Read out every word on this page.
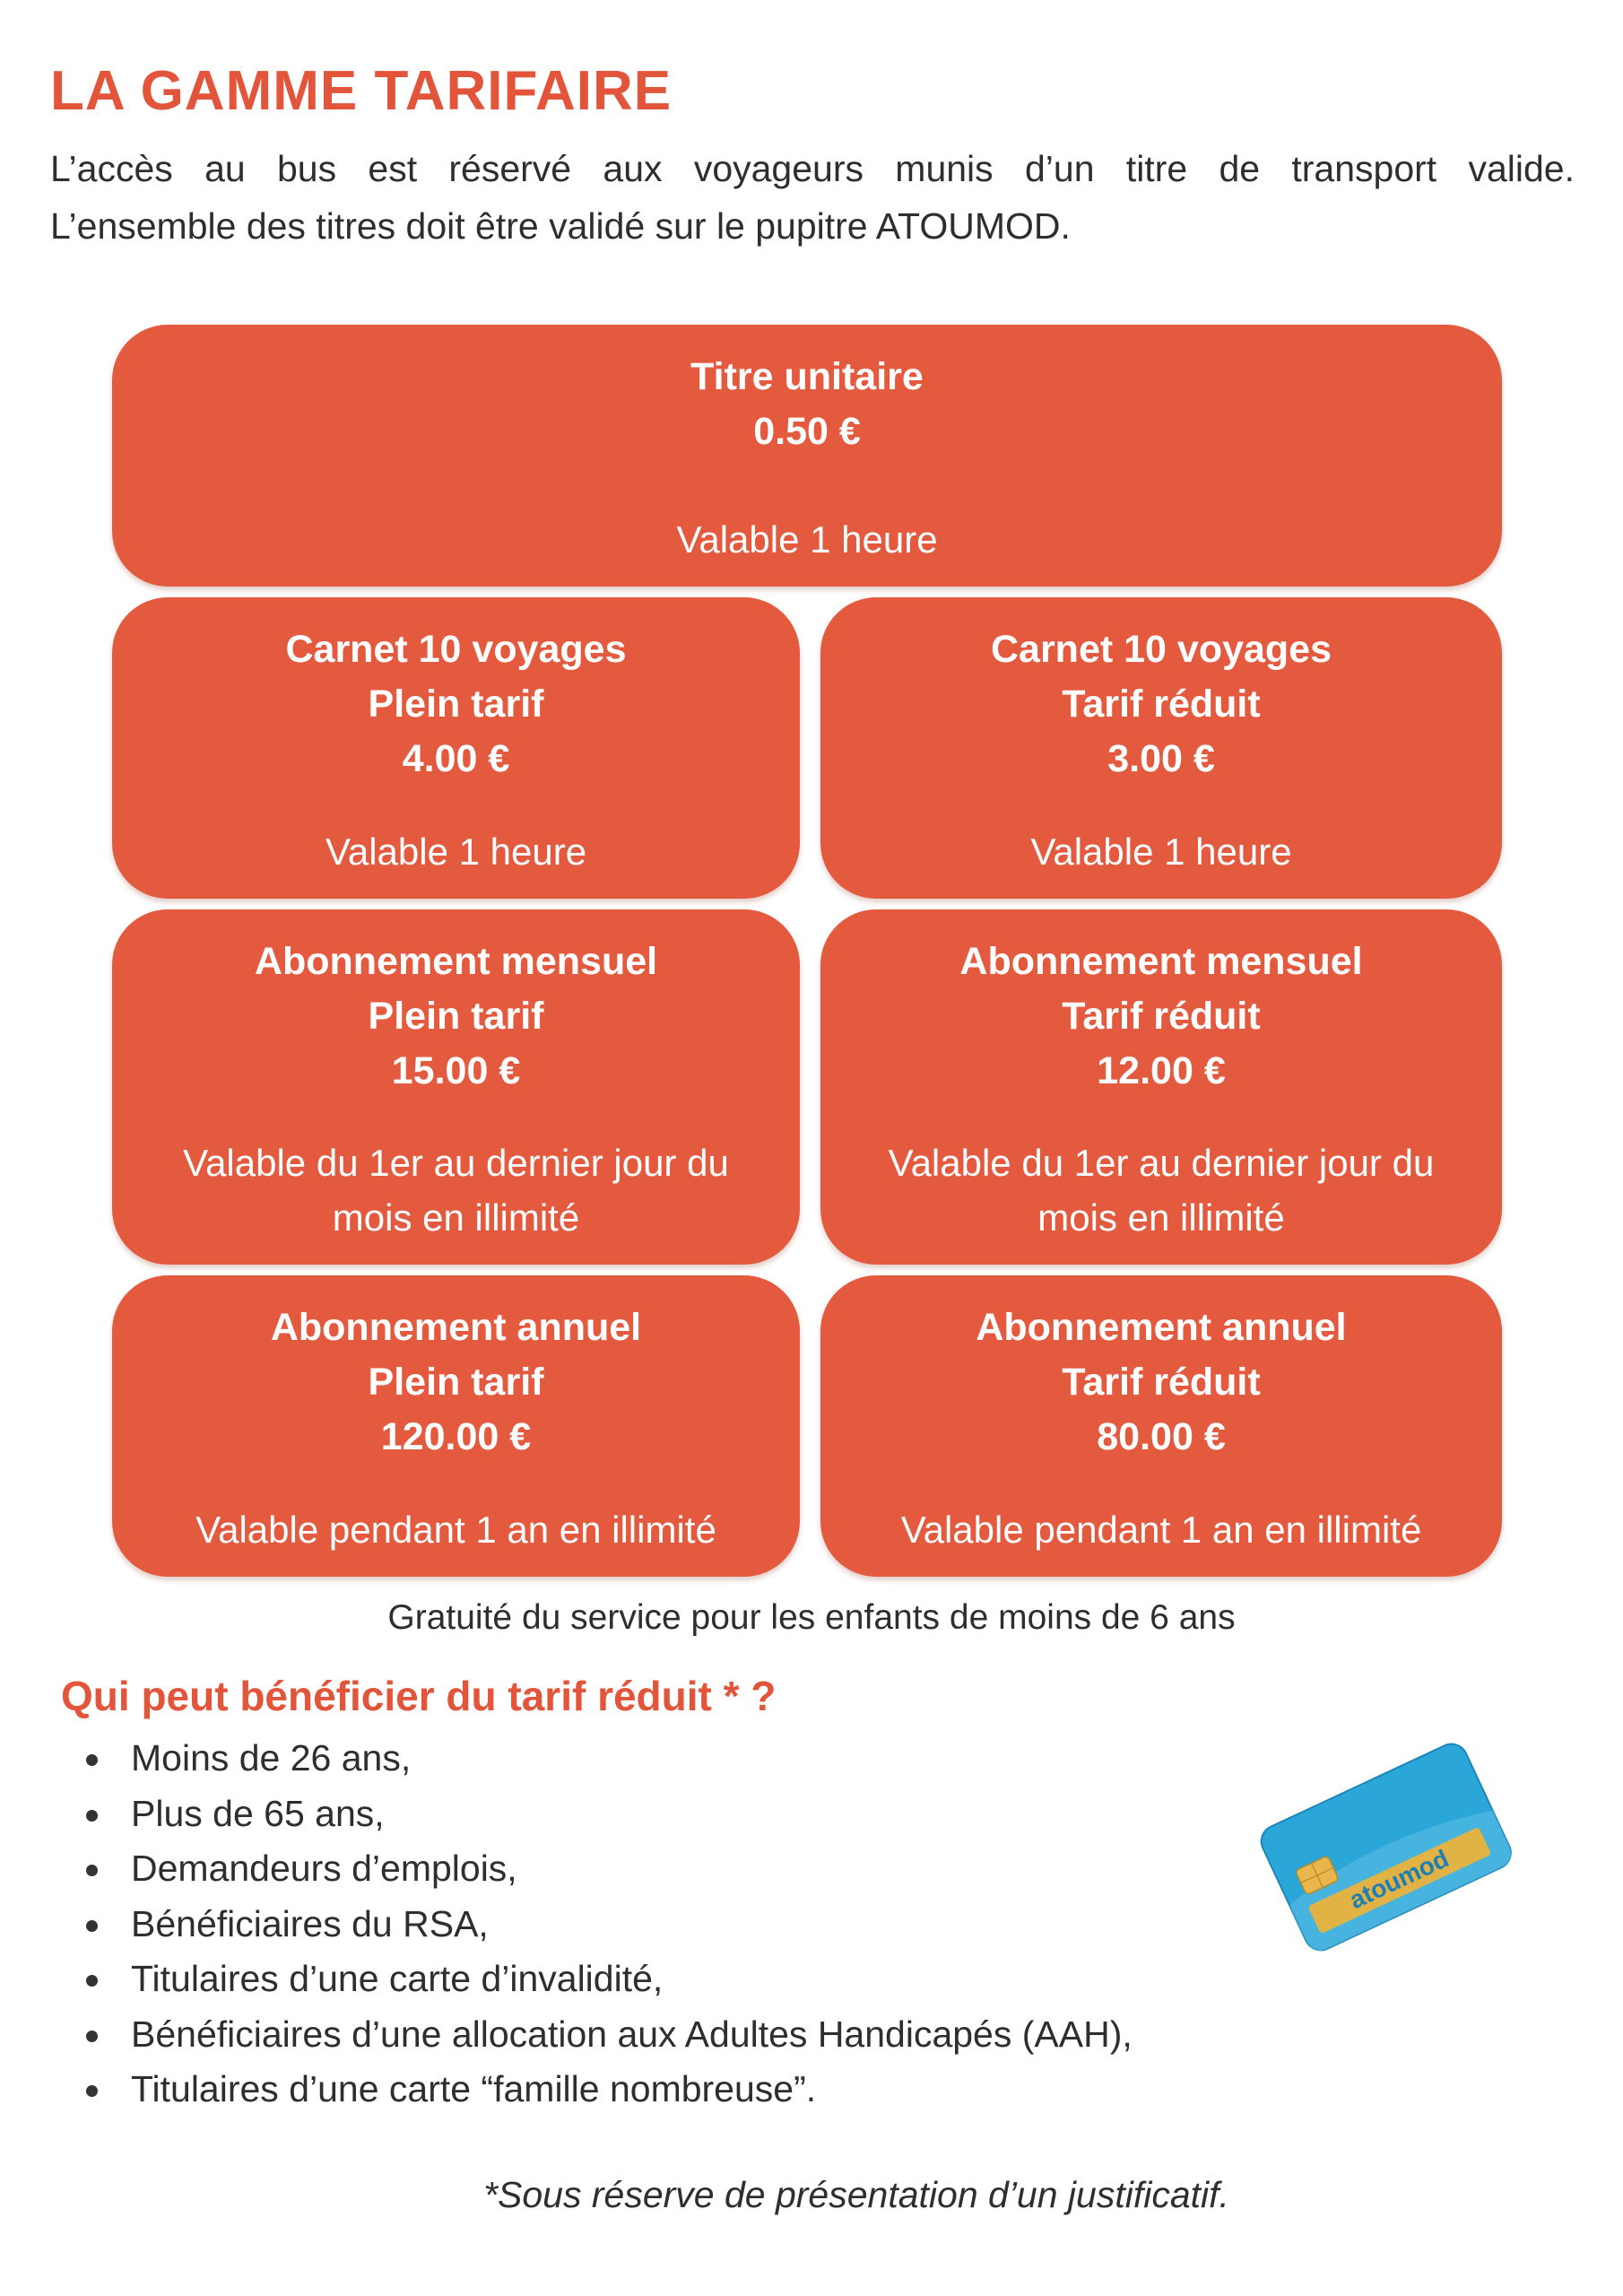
LA GAMME TARIFAIRE

L’accès au bus est réservé aux voyageurs munis d’un titre de transport valide.

L’ensemble des titres doit être validé sur le pupitre ATOUMOD.

Titre unitaire
0.50 €
Valable 1 heure
Carnet 10 voyages
Plein tarif
4.00 €
Valable 1 heure
Carnet 10 voyages
Tarif réduit
3.00 €
Valable 1 heure
Abonnement mensuel
Plein tarif
15.00 €
Valable du 1er au dernier jour du mois en illimité
Abonnement mensuel
Tarif réduit
12.00 €
Valable du 1er au dernier jour du mois en illimité
Abonnement annuel
Plein tarif
120.00 €
Valable pendant 1 an en illimité
Abonnement annuel
Tarif réduit
80.00 €
Valable pendant 1 an en illimité
Gratuité du service pour les enfants de moins de 6 ans
Qui peut bénéficier du tarif réduit * ?
Moins de 26 ans,
Plus de 65 ans,
Demandeurs d’emplois,
Bénéficiaires du RSA,
Titulaires d’une carte d’invalidité,
Bénéficiaires d’une allocation aux Adultes Handicapés (AAH),
Titulaires d’une carte “famille nombreuse”.
atoumod
*Sous réserve de présentation d’un justificatif.
